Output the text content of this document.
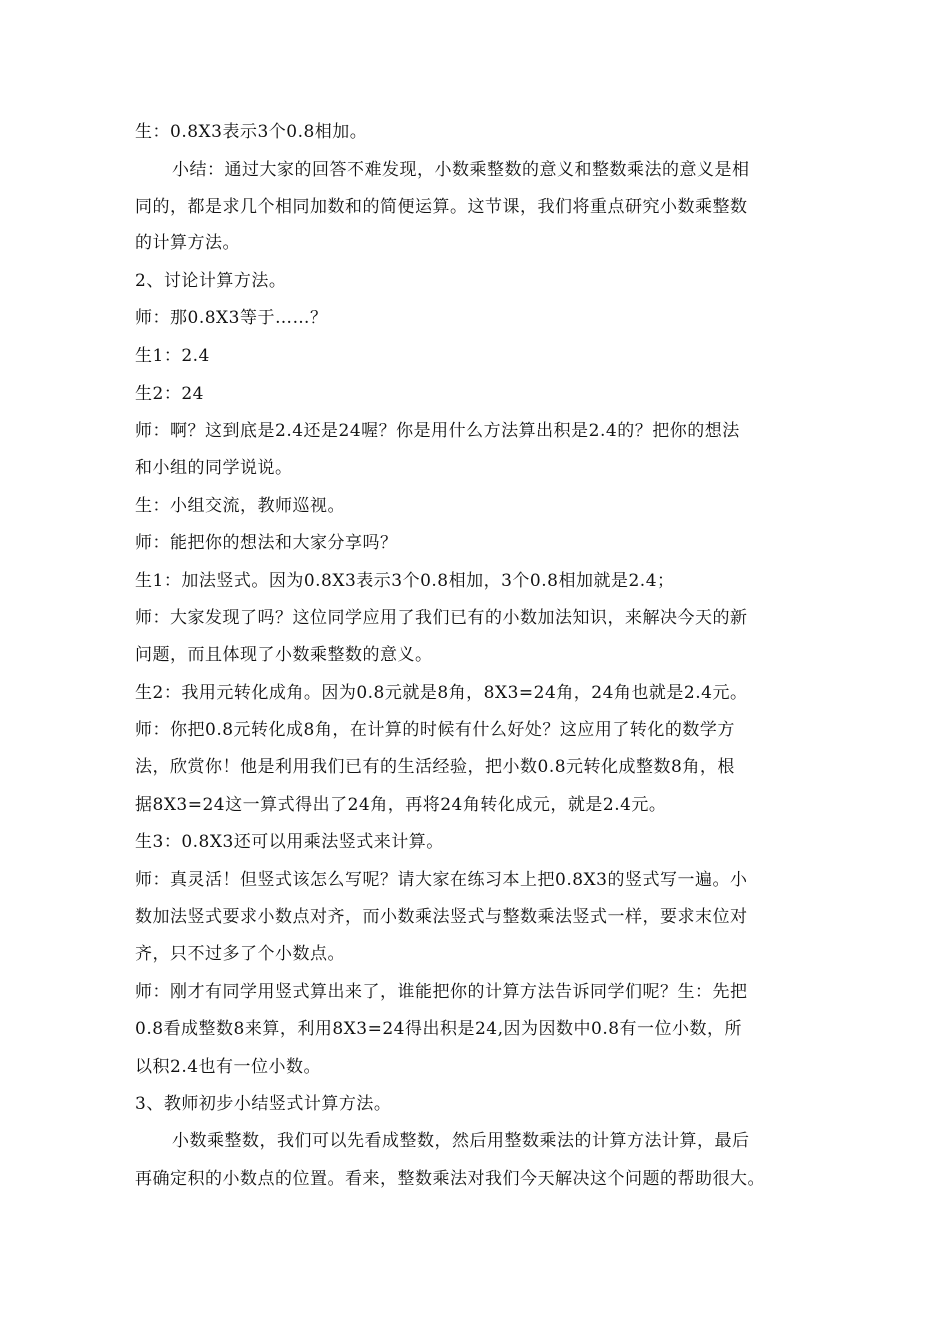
生：0.8X3表示3个0.8相加。
小结：通过大家的回答不难发现，小数乘整数的意义和整数乘法的意义是相
同的，都是求几个相同加数和的简便运算。这节课，我们将重点研究小数乘整数
的计算方法。
2、讨论计算方法。
师：那0.8X3等于……？
生1：2.4
生2：24
师：啊？这到底是2.4还是24喔？你是用什么方法算出积是2.4的？把你的想法
和小组的同学说说。
生：小组交流，教师巡视。
师：能把你的想法和大家分享吗？
生1：加法竖式。因为0.8X3表示3个0.8相加，3个0.8相加就是2.4；
师：大家发现了吗？这位同学应用了我们已有的小数加法知识，来解决今天的新
问题，而且体现了小数乘整数的意义。
生2：我用元转化成角。因为0.8元就是8角，8X3=24角，24角也就是2.4元。
师：你把0.8元转化成8角，在计算的时候有什么好处？这应用了转化的数学方
法，欣赏你！他是利用我们已有的生活经验，把小数0.8元转化成整数8角，根
据8X3=24这一算式得出了24角，再将24角转化成元，就是2.4元。
生3：0.8X3还可以用乘法竖式来计算。
师：真灵活！但竖式该怎么写呢？请大家在练习本上把0.8X3的竖式写一遍。小
数加法竖式要求小数点对齐，而小数乘法竖式与整数乘法竖式一样，要求末位对
齐，只不过多了个小数点。
师：刚才有同学用竖式算出来了，谁能把你的计算方法告诉同学们呢？生：先把
0.8看成整数8来算，利用8X3=24得出积是24,因为因数中0.8有一位小数，所
以积2.4也有一位小数。
3、教师初步小结竖式计算方法。
小数乘整数，我们可以先看成整数，然后用整数乘法的计算方法计算，最后
再确定积的小数点的位置。看来，整数乘法对我们今天解决这个问题的帮助很大。
